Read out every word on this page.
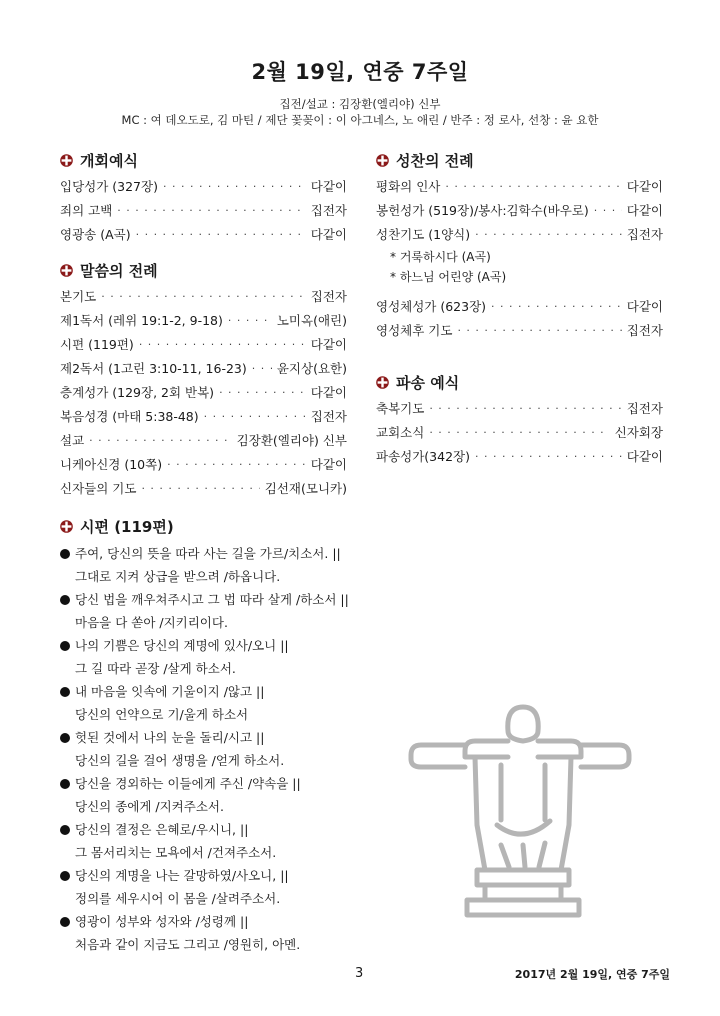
2월 19일, 연중 7주일
집전/설교 : 김장환(엘리야) 신부
MC : 여 데오도로, 김 마틴 / 제단 꽃꽂이 : 이 아그네스, 노 애린 / 반주 : 정 로사, 선창 : 윤 요한
개회예식
입당성가 (327장) · · ·	다같이
죄의 고백 · · ·	집전자
영광송 (A곡) · · ·	다같이
말씀의 전례
본기도 · · ·	집전자
제1독서 (레위 19:1-2, 9-18) · · ·	노미옥(애린)
시편 (119편) · · ·	다같이
제2독서 (1고린 3:10-11, 16-23) · · · 윤지상(요한)
층계성가 (129장, 2회 반복) · · ·	다같이
복음성경 (마태 5:38-48) · · ·	집전자
설교 · · ·	김장환(엘리야) 신부
니케아신경 (10쪽) · · ·	다같이
신자들의 기도 · · ·	김선재(모니카)
성찬의 전례
평화의 인사 · · ·	다같이
봉헌성가 (519장)/봉사:김학수(바우로) · · ·	다같이
성찬기도 (1양식) · · ·	집전자
* 거룩하시다 (A곡)
* 하느님 어린양 (A곡)
영성체성가 (623장) · · ·	다같이
영성체후 기도 · · ·	집전자
파송 예식
축복기도 · · ·	집전자
교회소식 · · ·	신자회장
파송성가(342장) · · ·	다같이
시편 (119편)
주여, 당신의 뜻을 따라 사는 길을 가르/치소서. ||
그대로 지켜 상급을 받으려 /하옵니다.
당신 법을 깨우쳐주시고 그 법 따라 살게 /하소서 ||
마음을 다 쏟아 /지키리이다.
나의 기쁨은 당신의 계명에 있사/오니 ||
그 길 따라 곧장 /살게 하소서.
내 마음을 잇속에 기울이지 /않고 ||
당신의 언약으로 기/울게 하소서
헛된 것에서 나의 눈을 돌리/시고 ||
당신의 길을 걸어 생명을 /얻게 하소서.
당신을 경외하는 이들에게 주신 /약속을 ||
당신의 종에게 /지켜주소서.
당신의 결정은 은혜로/우시니, ||
그 몸서리치는 모욕에서 /건져주소서.
당신의 계명을 나는 갈망하였/사오니, ||
정의를 세우시어 이 몸을 /살려주소서.
영광이 성부와 성자와 /성령께 ||
처음과 같이 지금도 그리고 /영원히, 아멘.
3	2017년 2월 19일, 연중 7주일
